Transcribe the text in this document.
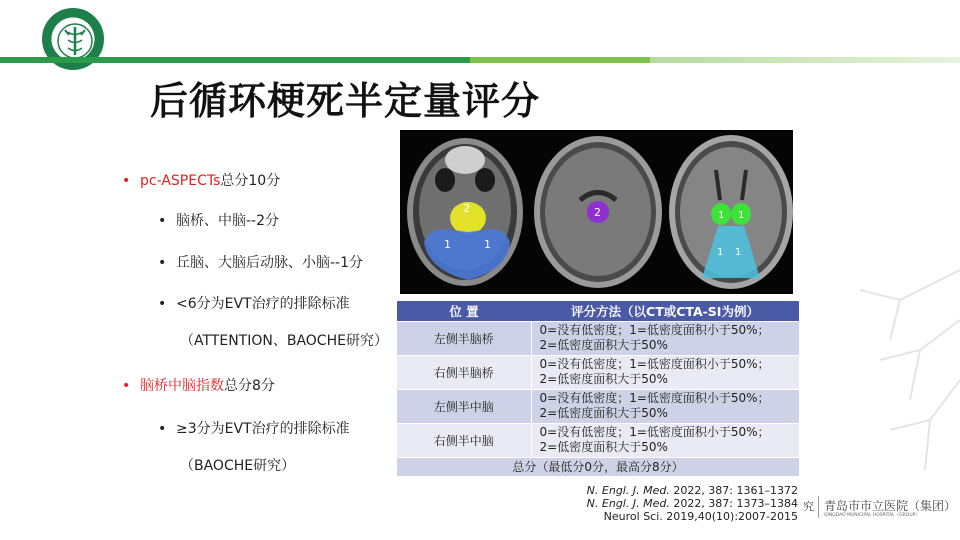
后循环梗死半定量评分
• pc-ASPECTs总分10分
• 脑桥、中脑--2分
• 丘脑、大脑后动脉、小脑--1分
• <6分为EVT治疗的排除标准
（ATTENTION、BAOCHE研究）
• 脑桥中脑指数总分8分
• ≥3分为EVT治疗的排除标准
（BAOCHE研究）
2
1	1
2	1 1
1 1
位 置	评分方法（以CT或CTA-SI为例）
左侧半脑桥	0=没有低密度；1=低密度面积小于50%；
2=低密度面积大于50%

右侧半脑桥	0=没有低密度；1=低密度面积小于50%；
2=低密度面积大于50%

左侧半中脑	0=没有低密度；1=低密度面积小于50%；
2=低密度面积大于50%

右侧半中脑	0=没有低密度；1=低密度面积小于50%；
2=低密度面积大于50%

总分（最低分0分，最高分8分）	
N. Engl. J. Med. 2022, 387: 1361–1372
N. Engl. J. Med. 2022, 387: 1373–1384
Neurol Sci. 2019,40(10):2007-2015
究 青岛市市立医院（集团）
QINGDAO MUNICIPAL HOSPITAL（GROUP）
